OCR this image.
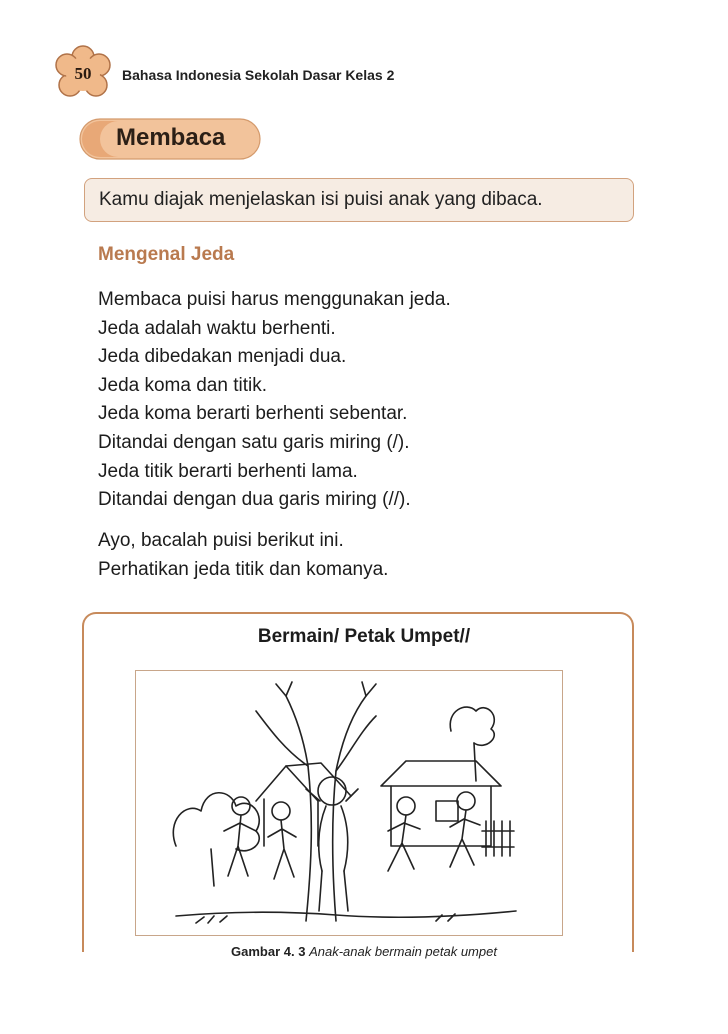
50	Bahasa Indonesia Sekolah Dasar Kelas 2
Membaca
Kamu diajak menjelaskan isi puisi anak yang dibaca.
Mengenal Jeda
Membaca puisi harus menggunakan jeda.
Jeda adalah waktu berhenti.
Jeda dibedakan menjadi dua.
Jeda koma dan titik.
Jeda koma berarti berhenti sebentar.
Ditandai dengan satu garis miring (/).
Jeda titik berarti berhenti lama.
Ditandai dengan dua garis miring (//).
Ayo, bacalah puisi berikut ini.
Perhatikan jeda titik dan komanya.
Bermain/ Petak Umpet//
Gambar 4. 3 Anak-anak bermain petak umpet
